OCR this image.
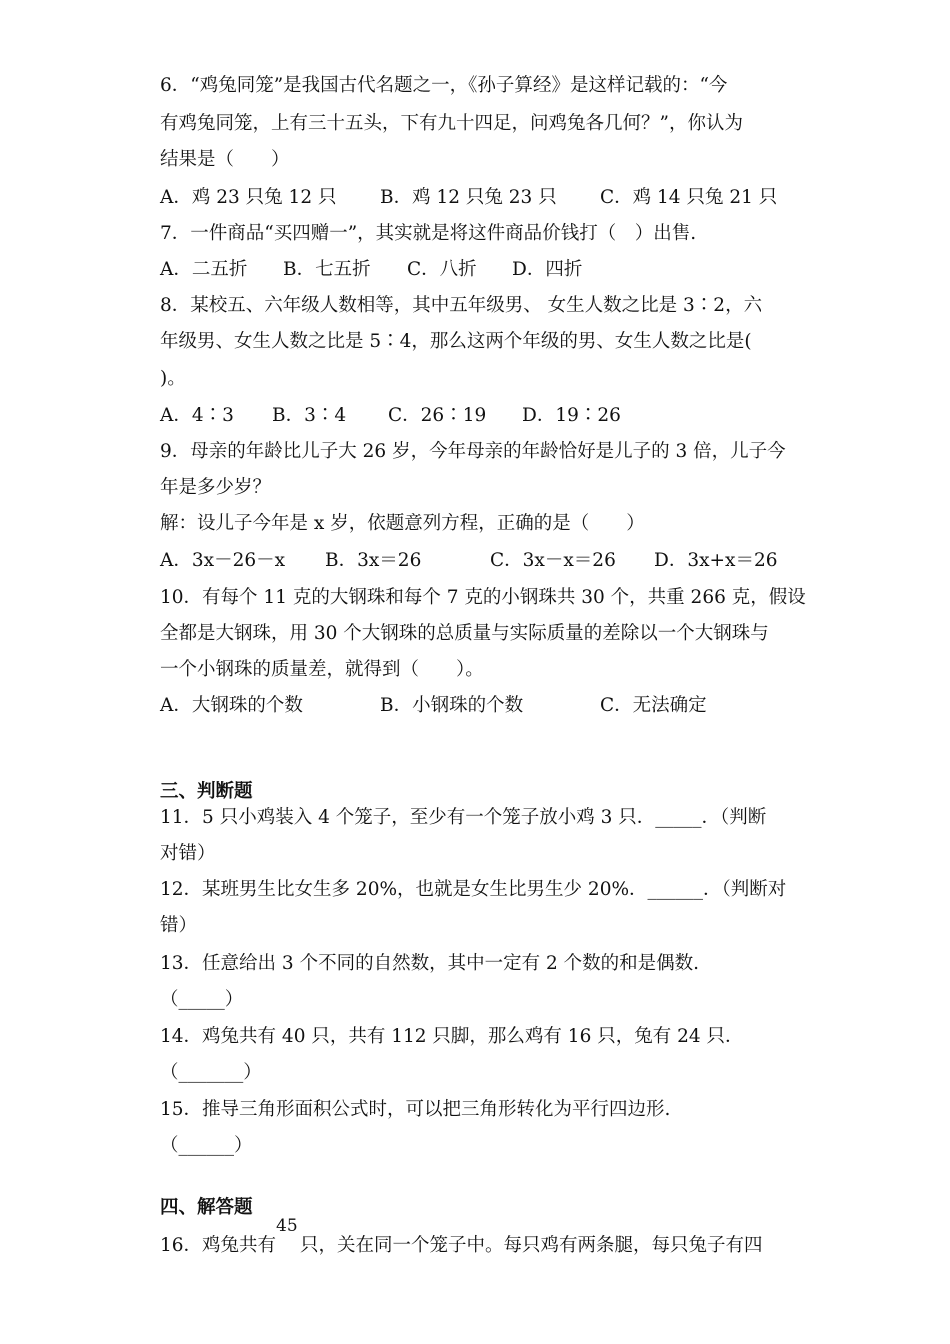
6．“鸡兔同笼”是我国古代名题之一，《孙子算经》是这样记载的：“今
有鸡兔同笼，上有三十五头，下有九十四足，问鸡兔各几何？”，你认为
结果是（　　）
A．鸡 23 只兔 12 只 B．鸡 12 只兔 23 只 C．鸡 14 只兔 21 只
7．一件商品“买四赠一”，其实就是将这件商品价钱打（　）出售.
A．二五折 B．七五折 C．八折 D．四折
8．某校五、六年级人数相等，其中五年级男、 女生人数之比是 3∶2，六
年级男、女生人数之比是 5∶4，那么这两个年级的男、女生人数之比是(
)。
A．4∶3 B．3∶4 C．26∶19 D．19∶26
9．母亲的年龄比儿子大 26 岁，今年母亲的年龄恰好是儿子的 3 倍，儿子今
年是多少岁？
解：设儿子今年是 x 岁，依题意列方程，正确的是（　　）
A．3x－26－x B．3x＝26	C．3x－x＝26 D．3x+x＝26
10．有每个 11 克的大钢珠和每个 7 克的小钢珠共 30 个，共重 266 克，假设
全都是大钢珠，用 30 个大钢珠的总质量与实际质量的差除以一个大钢珠与
一个小钢珠的质量差，就得到（　　）。
A．大钢珠的个数	B．小钢珠的个数	C．无法确定
三、判断题
11．5 只小鸡装入 4 个笼子，至少有一个笼子放小鸡 3 只．_____．（判断
对错）
12．某班男生比女生多 20%，也就是女生比男生少 20%．______．（判断对
错）
13．任意给出 3 个不同的自然数，其中一定有 2 个数的和是偶数.
（_____）
14．鸡兔共有 40 只，共有 112 只脚，那么鸡有 16 只，兔有 24 只．
（_______）
15．推导三角形面积公式时，可以把三角形转化为平行四边形.
（______）
四、解答题
16．鸡兔共有
45
只，关在同一个笼子中。每只鸡有两条腿，每只兔子有四
